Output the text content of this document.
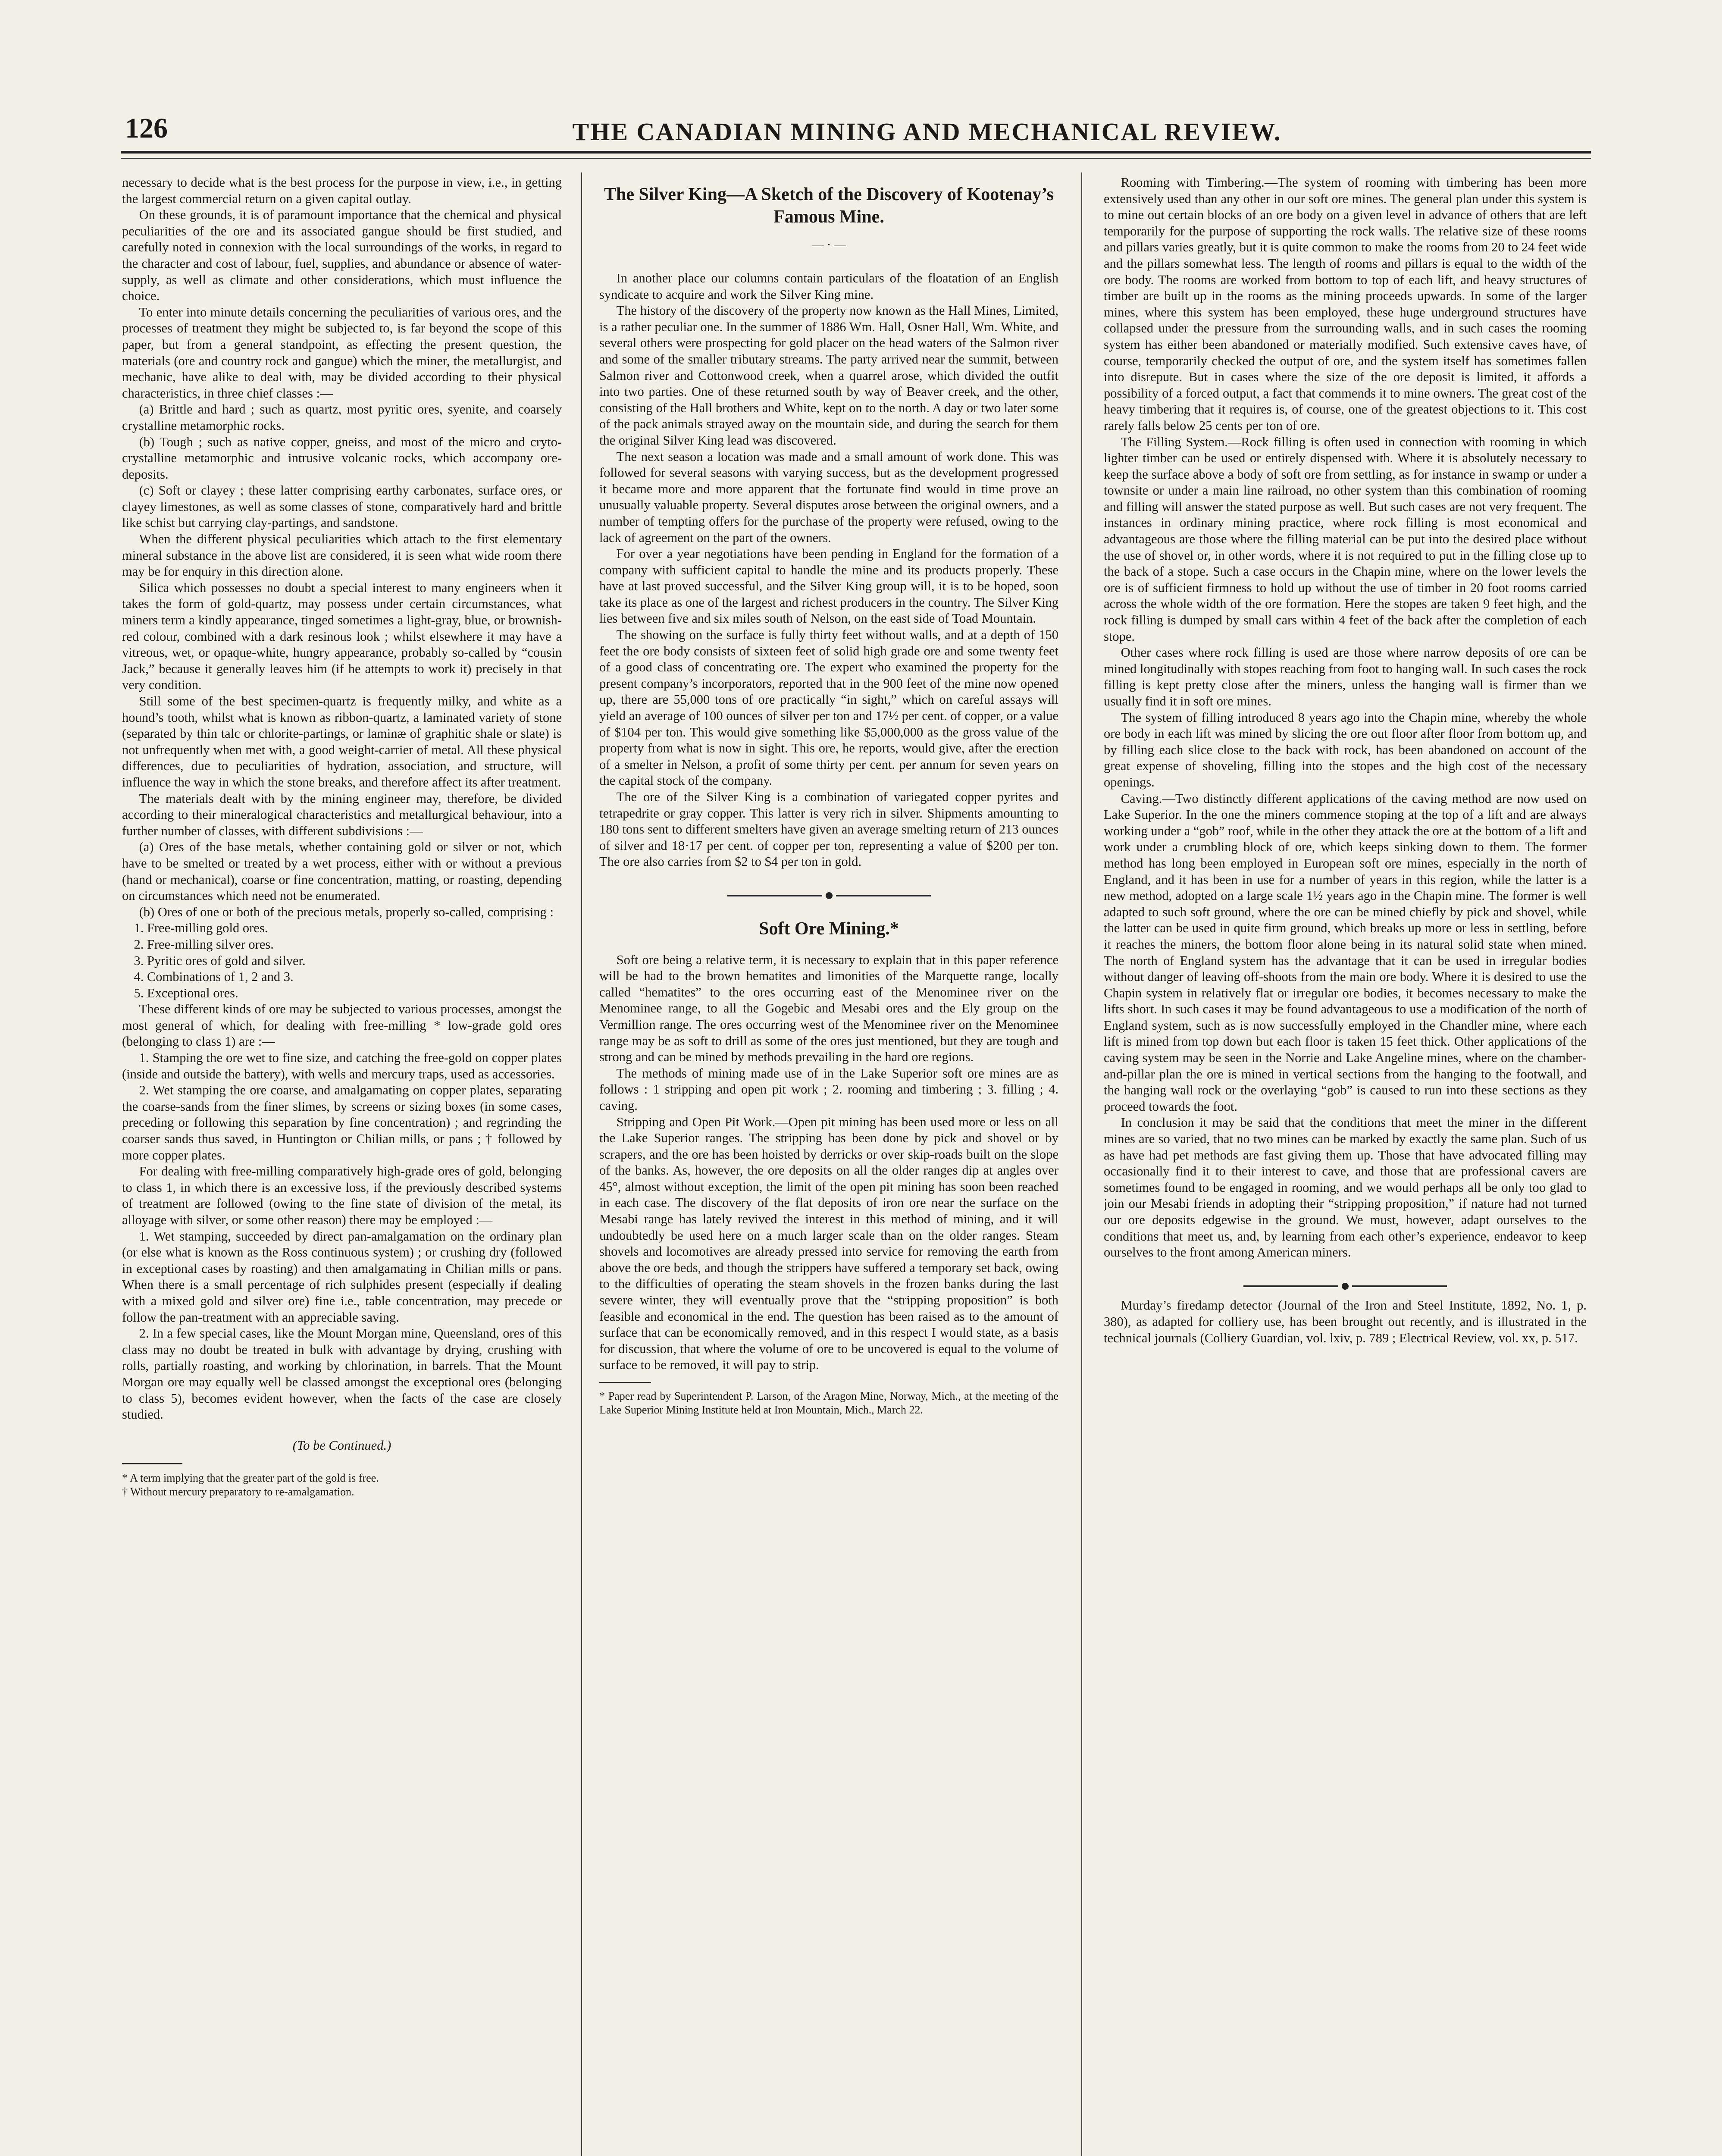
126	THE CANADIAN MINING AND MECHANICAL REVIEW.

necessary to decide what is the best process for the purpose in view, i.e., in getting the largest commercial return on a given capital outlay.

On these grounds, it is of paramount importance that the chemical and physical peculiarities of the ore and its associated gangue should be first studied, and carefully noted in connexion with the local surroundings of the works, in regard to the character and cost of labour, fuel, supplies, and abundance or absence of water-supply, as well as climate and other considerations, which must influence the choice.

To enter into minute details concerning the peculiarities of various ores, and the processes of treatment they might be subjected to, is far beyond the scope of this paper, but from a general standpoint, as effecting the present question, the materials (ore and country rock and gangue) which the miner, the metallurgist, and mechanic, have alike to deal with, may be divided according to their physical characteristics, in three chief classes :—

(a) Brittle and hard ; such as quartz, most pyritic ores, syenite, and coarsely crystalline metamorphic rocks.

(b) Tough ; such as native copper, gneiss, and most of the micro and cryto-crystalline metamorphic and intrusive volcanic rocks, which accompany ore-deposits.

(c) Soft or clayey ; these latter comprising earthy carbonates, surface ores, or clayey limestones, as well as some classes of stone, comparatively hard and brittle like schist but carrying clay-partings, and sandstone.

When the different physical peculiarities which attach to the first elementary mineral substance in the above list are considered, it is seen what wide room there may be for enquiry in this direction alone.

Silica which possesses no doubt a special interest to many engineers when it takes the form of gold-quartz, may possess under certain circumstances, what miners term a kindly appearance, tinged sometimes a light-gray, blue, or brownish-red colour, combined with a dark resinous look ; whilst elsewhere it may have a vitreous, wet, or opaque-white, hungry appearance, probably so-called by “cousin Jack,” because it generally leaves him (if he attempts to work it) precisely in that very condition.

Still some of the best specimen-quartz is frequently milky, and white as a hound’s tooth, whilst what is known as ribbon-quartz, a laminated variety of stone (separated by thin talc or chlorite-partings, or laminæ of graphitic shale or slate) is not unfrequently when met with, a good weight-carrier of metal. All these physical differences, due to peculiarities of hydration, association, and structure, will influence the way in which the stone breaks, and therefore affect its after treatment.

The materials dealt with by the mining engineer may, therefore, be divided according to their mineralogical characteristics and metallurgical behaviour, into a further number of classes, with different subdivisions :—

(a) Ores of the base metals, whether containing gold or silver or not, which have to be smelted or treated by a wet process, either with or without a previous (hand or mechanical), coarse or fine concentration, matting, or roasting, depending on circumstances which need not be enumerated.

(b) Ores of one or both of the precious metals, properly so-called, comprising :

1. Free-milling gold ores.

2. Free-milling silver ores.

3. Pyritic ores of gold and silver.

4. Combinations of 1, 2 and 3.

5. Exceptional ores.

These different kinds of ore may be subjected to various processes, amongst the most general of which, for dealing with free-milling * low-grade gold ores (belonging to class 1) are :—

1. Stamping the ore wet to fine size, and catching the free-gold on copper plates (inside and outside the battery), with wells and mercury traps, used as accessories.

2. Wet stamping the ore coarse, and amalgamating on copper plates, separating the coarse-sands from the finer slimes, by screens or sizing boxes (in some cases, preceding or following this separation by fine concentration) ; and regrinding the coarser sands thus saved, in Huntington or Chilian mills, or pans ; † followed by more copper plates.

For dealing with free-milling comparatively high-grade ores of gold, belonging to class 1, in which there is an excessive loss, if the previously described systems of treatment are followed (owing to the fine state of division of the metal, its alloyage with silver, or some other reason) there may be employed :—

1. Wet stamping, succeeded by direct pan-amalgamation on the ordinary plan (or else what is known as the Ross continuous system) ; or crushing dry (followed in exceptional cases by roasting) and then amalgamating in Chilian mills or pans. When there is a small percentage of rich sulphides present (especially if dealing with a mixed gold and silver ore) fine i.e., table concentration, may precede or follow the pan-treatment with an appreciable saving.

2. In a few special cases, like the Mount Morgan mine, Queensland, ores of this class may no doubt be treated in bulk with advantage by drying, crushing with rolls, partially roasting, and working by chlorination, in barrels. That the Mount Morgan ore may equally well be classed amongst the exceptional ores (belonging to class 5), becomes evident however, when the facts of the case are closely studied.

(To be Continued.)

* A term implying that the greater part of the gold is free.

† Without mercury preparatory to re-amalgamation.

The Silver King—A Sketch of the Discovery of Kootenay’s Famous Mine.
— · —

In another place our columns contain particulars of the floatation of an English syndicate to acquire and work the Silver King mine.

The history of the discovery of the property now known as the Hall Mines, Limited, is a rather peculiar one. In the summer of 1886 Wm. Hall, Osner Hall, Wm. White, and several others were prospecting for gold placer on the head waters of the Salmon river and some of the smaller tributary streams. The party arrived near the summit, between Salmon river and Cottonwood creek, when a quarrel arose, which divided the outfit into two parties. One of these returned south by way of Beaver creek, and the other, consisting of the Hall brothers and White, kept on to the north. A day or two later some of the pack animals strayed away on the mountain side, and during the search for them the original Silver King lead was discovered.

The next season a location was made and a small amount of work done. This was followed for several seasons with varying success, but as the development progressed it became more and more apparent that the fortunate find would in time prove an unusually valuable property. Several disputes arose between the original owners, and a number of tempting offers for the purchase of the property were refused, owing to the lack of agreement on the part of the owners.

For over a year negotiations have been pending in England for the formation of a company with sufficient capital to handle the mine and its products properly. These have at last proved successful, and the Silver King group will, it is to be hoped, soon take its place as one of the largest and richest producers in the country. The Silver King lies between five and six miles south of Nelson, on the east side of Toad Mountain.

The showing on the surface is fully thirty feet without walls, and at a depth of 150 feet the ore body consists of sixteen feet of solid high grade ore and some twenty feet of a good class of concentrating ore. The expert who examined the property for the present company’s incorporators, reported that in the 900 feet of the mine now opened up, there are 55,000 tons of ore practically “in sight,” which on careful assays will yield an average of 100 ounces of silver per ton and 17½ per cent. of copper, or a value of $104 per ton. This would give something like $5,000,000 as the gross value of the property from what is now in sight. This ore, he reports, would give, after the erection of a smelter in Nelson, a profit of some thirty per cent. per annum for seven years on the capital stock of the company.

The ore of the Silver King is a combination of variegated copper pyrites and tetrapedrite or gray copper. This latter is very rich in silver. Shipments amounting to 180 tons sent to different smelters have given an average smelting return of 213 ounces of silver and 18·17 per cent. of copper per ton, representing a value of $200 per ton. The ore also carries from $2 to $4 per ton in gold.

Soft Ore Mining.*

Soft ore being a relative term, it is necessary to explain that in this paper reference will be had to the brown hematites and limonities of the Marquette range, locally called “hematites” to the ores occurring east of the Menominee river on the Menominee range, to all the Gogebic and Mesabi ores and the Ely group on the Vermillion range. The ores occurring west of the Menominee river on the Menominee range may be as soft to drill as some of the ores just mentioned, but they are tough and strong and can be mined by methods prevailing in the hard ore regions.

The methods of mining made use of in the Lake Superior soft ore mines are as follows : 1 stripping and open pit work ; 2. rooming and timbering ; 3. filling ; 4. caving.

Stripping and Open Pit Work.—Open pit mining has been used more or less on all the Lake Superior ranges. The stripping has been done by pick and shovel or by scrapers, and the ore has been hoisted by derricks or over skip-roads built on the slope of the banks. As, however, the ore deposits on all the older ranges dip at angles over 45°, almost without exception, the limit of the open pit mining has soon been reached in each case. The discovery of the flat deposits of iron ore near the surface on the Mesabi range has lately revived the interest in this method of mining, and it will undoubtedly be used here on a much larger scale than on the older ranges. Steam shovels and locomotives are already pressed into service for removing the earth from above the ore beds, and though the strippers have suffered a temporary set back, owing to the difficulties of operating the steam shovels in the frozen banks during the last severe winter, they will eventually prove that the “stripping proposition” is both feasible and economical in the end. The question has been raised as to the amount of surface that can be economically removed, and in this respect I would state, as a basis for discussion, that where the volume of ore to be uncovered is equal to the volume of surface to be removed, it will pay to strip.

* Paper read by Superintendent P. Larson, of the Aragon Mine, Norway, Mich., at the meeting of the Lake Superior Mining Institute held at Iron Mountain, Mich., March 22.

Rooming with Timbering.—The system of rooming with timbering has been more extensively used than any other in our soft ore mines. The general plan under this system is to mine out certain blocks of an ore body on a given level in advance of others that are left temporarily for the purpose of supporting the rock walls. The relative size of these rooms and pillars varies greatly, but it is quite common to make the rooms from 20 to 24 feet wide and the pillars somewhat less. The length of rooms and pillars is equal to the width of the ore body. The rooms are worked from bottom to top of each lift, and heavy structures of timber are built up in the rooms as the mining proceeds upwards. In some of the larger mines, where this system has been employed, these huge underground structures have collapsed under the pressure from the surrounding walls, and in such cases the rooming system has either been abandoned or materially modified. Such extensive caves have, of course, temporarily checked the output of ore, and the system itself has sometimes fallen into disrepute. But in cases where the size of the ore deposit is limited, it affords a possibility of a forced output, a fact that commends it to mine owners. The great cost of the heavy timbering that it requires is, of course, one of the greatest objections to it. This cost rarely falls below 25 cents per ton of ore.

The Filling System.—Rock filling is often used in connection with rooming in which lighter timber can be used or entirely dispensed with. Where it is absolutely necessary to keep the surface above a body of soft ore from settling, as for instance in swamp or under a townsite or under a main line railroad, no other system than this combination of rooming and filling will answer the stated purpose as well. But such cases are not very frequent. The instances in ordinary mining practice, where rock filling is most economical and advantageous are those where the filling material can be put into the desired place without the use of shovel or, in other words, where it is not required to put in the filling close up to the back of a stope. Such a case occurs in the Chapin mine, where on the lower levels the ore is of sufficient firmness to hold up without the use of timber in 20 foot rooms carried across the whole width of the ore formation. Here the stopes are taken 9 feet high, and the rock filling is dumped by small cars within 4 feet of the back after the completion of each stope.

Other cases where rock filling is used are those where narrow deposits of ore can be mined longitudinally with stopes reaching from foot to hanging wall. In such cases the rock filling is kept pretty close after the miners, unless the hanging wall is firmer than we usually find it in soft ore mines.

The system of filling introduced 8 years ago into the Chapin mine, whereby the whole ore body in each lift was mined by slicing the ore out floor after floor from bottom up, and by filling each slice close to the back with rock, has been abandoned on account of the great expense of shoveling, filling into the stopes and the high cost of the necessary openings.

Caving.—Two distinctly different applications of the caving method are now used on Lake Superior. In the one the miners commence stoping at the top of a lift and are always working under a “gob” roof, while in the other they attack the ore at the bottom of a lift and work under a crumbling block of ore, which keeps sinking down to them. The former method has long been employed in European soft ore mines, especially in the north of England, and it has been in use for a number of years in this region, while the latter is a new method, adopted on a large scale 1½ years ago in the Chapin mine. The former is well adapted to such soft ground, where the ore can be mined chiefly by pick and shovel, while the latter can be used in quite firm ground, which breaks up more or less in settling, before it reaches the miners, the bottom floor alone being in its natural solid state when mined. The north of England system has the advantage that it can be used in irregular bodies without danger of leaving off-shoots from the main ore body. Where it is desired to use the Chapin system in relatively flat or irregular ore bodies, it becomes necessary to make the lifts short. In such cases it may be found advantageous to use a modification of the north of England system, such as is now successfully employed in the Chandler mine, where each lift is mined from top down but each floor is taken 15 feet thick. Other applications of the caving system may be seen in the Norrie and Lake Angeline mines, where on the chamber-and-pillar plan the ore is mined in vertical sections from the hanging to the footwall, and the hanging wall rock or the overlaying “gob” is caused to run into these sections as they proceed towards the foot.

In conclusion it may be said that the conditions that meet the miner in the different mines are so varied, that no two mines can be marked by exactly the same plan. Such of us as have had pet methods are fast giving them up. Those that have advocated filling may occasionally find it to their interest to cave, and those that are professional cavers are sometimes found to be engaged in rooming, and we would perhaps all be only too glad to join our Mesabi friends in adopting their “stripping proposition,” if nature had not turned our ore deposits edgewise in the ground. We must, however, adapt ourselves to the conditions that meet us, and, by learning from each other’s experience, endeavor to keep ourselves to the front among American miners.

Murday’s firedamp detector (Journal of the Iron and Steel Institute, 1892, No. 1, p. 380), as adapted for colliery use, has been brought out recently, and is illustrated in the technical journals (Colliery Guardian, vol. lxiv, p. 789 ; Electrical Review, vol. xx, p. 517.
